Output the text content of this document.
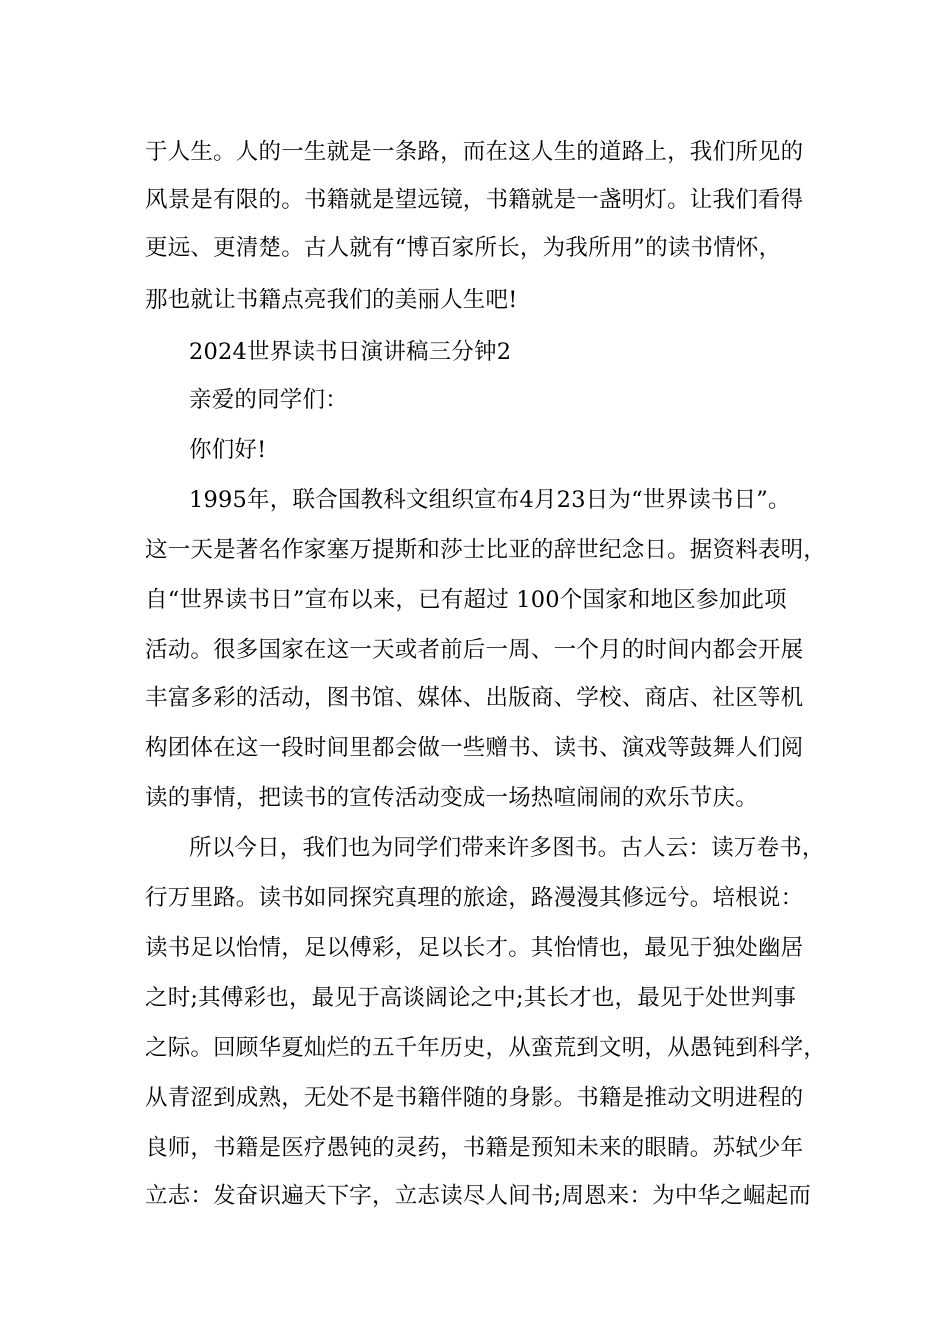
于人生。人的一生就是一条路，而在这人生的道路上，我们所见的
风景是有限的。书籍就是望远镜，书籍就是一盏明灯。让我们看得
更远、更清楚。古人就有“博百家所长，为我所用”的读书情怀，
那也就让书籍点亮我们的美丽人生吧!
2024世界读书日演讲稿三分钟2
亲爱的同学们：
你们好!
1995年，联合国教科文组织宣布4月23日为“世界读书日”。
这一天是著名作家塞万提斯和莎士比亚的辞世纪念日。据资料表明，
自“世界读书日”宣布以来，已有超过 100个国家和地区参加此项
活动。很多国家在这一天或者前后一周、一个月的时间内都会开展
丰富多彩的活动，图书馆、媒体、出版商、学校、商店、社区等机
构团体在这一段时间里都会做一些赠书、读书、演戏等鼓舞人们阅
读的事情，把读书的宣传活动变成一场热喧闹闹的欢乐节庆。
所以今日，我们也为同学们带来许多图书。古人云：读万卷书，
行万里路。读书如同探究真理的旅途，路漫漫其修远兮。培根说：
读书足以怡情，足以傅彩，足以长才。其怡情也，最见于独处幽居
之时;其傅彩也，最见于高谈阔论之中;其长才也，最见于处世判事
之际。回顾华夏灿烂的五千年历史，从蛮荒到文明，从愚钝到科学，
从青涩到成熟，无处不是书籍伴随的身影。书籍是推动文明进程的
良师，书籍是医疗愚钝的灵药，书籍是预知未来的眼睛。苏轼少年
立志：发奋识遍天下字，立志读尽人间书;周恩来：为中华之崛起而
